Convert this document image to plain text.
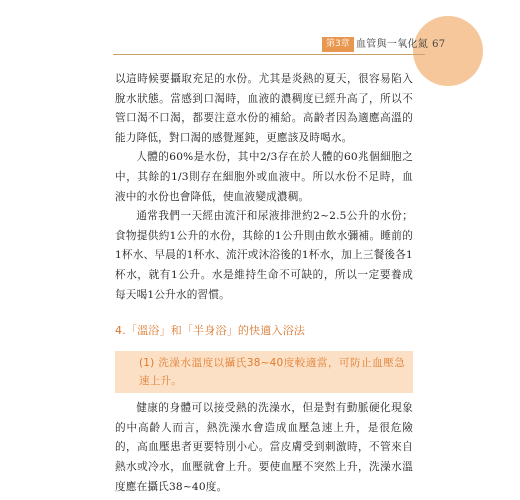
第3章 血管與一氧化氮 67

以這時候要攝取充足的水份。尤其是炎熱的夏天，很容易陷入脫水狀態。當感到口渴時，血液的濃稠度已經升高了，所以不管口渴不口渴，都要注意水份的補給。高齡者因為適應高溫的能力降低，對口渴的感覺遲鈍，更應該及時喝水。

人體的60%是水份，其中2/3存在於人體的60兆個細胞之中，其餘的1/3則存在細胞外或血液中。所以水份不足時，血液中的水份也會降低，使血液變成濃稠。

通常我們一天經由流汗和尿液排泄約2~2.5公升的水份；食物提供約1公升的水份，其餘的1公升則由飲水彌補。睡前的1杯水、早晨的1杯水、流汗或沐浴後的1杯水，加上三餐後各1杯水，就有1公升。水是維持生命不可缺的，所以一定要養成每天喝1公升水的習慣。

4.「溫浴」和「半身浴」的快適入浴法

(1) 洗澡水溫度以攝氏38~40度較適當，可防止血壓急速上升。

健康的身體可以接受熱的洗澡水，但是對有動脈硬化現象的中高齡人而言，熱洗澡水會造成血壓急速上升，是很危險的，高血壓患者更要特別小心。當皮膚受到刺激時，不管來自熱水或冷水，血壓就會上升。要使血壓不突然上升，洗澡水溫度應在攝氏38~40度。
